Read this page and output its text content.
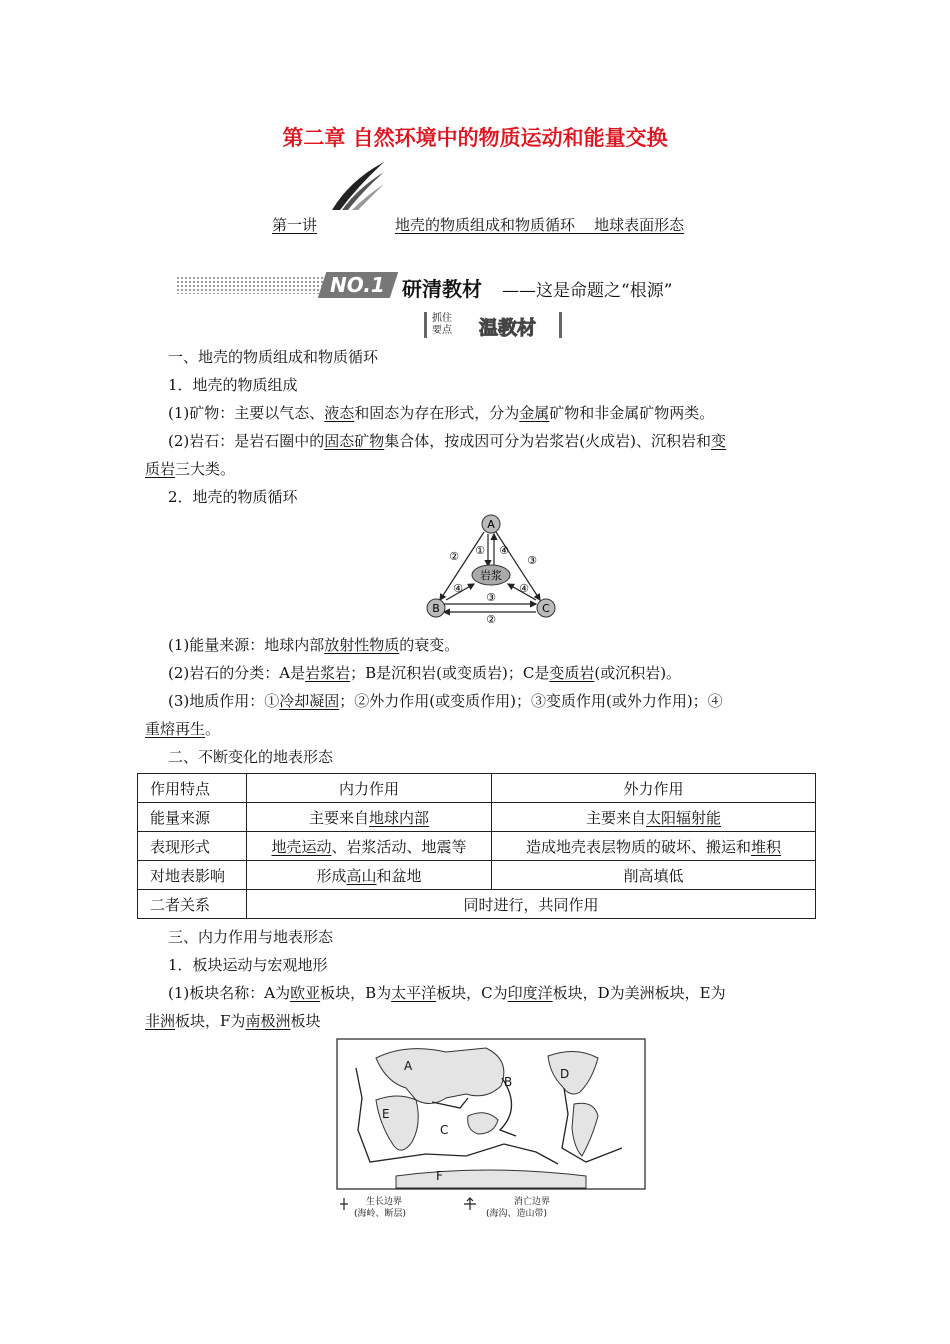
第二章 自然环境中的物质运动和能量交换
第一讲	地壳的物质组成和物质循环    地球表面形态
NO.1 研清教材 ——这是命题之“根源”
抓住
要点 温教材
一、地壳的物质组成和物质循环
1．地壳的物质组成
(1)矿物：主要以气态、液态和固态为存在形式，分为金属矿物和非金属矿物两类。
(2)岩石：是岩石圈中的固态矿物集合体，按成因可分为岩浆岩(火成岩)、沉积岩和变
质岩三大类。
2．地壳的物质循环
A
B	C
岩浆
② ① ④
③
④	④
③
②
(1)能量来源：地球内部放射性物质的衰变。
(2)岩石的分类：A是岩浆岩；B是沉积岩(或变质岩)；C是变质岩(或沉积岩)。
(3)地质作用：①冷却凝固；②外力作用(或变质作用)；③变质作用(或外力作用)；④
重熔再生。
二、不断变化的地表形态
作用特点	内力作用	外力作用
能量来源	主要来自地球内部	主要来自太阳辐射能
表现形式	地壳运动、岩浆活动、地震等	造成地壳表层物质的破坏、搬运和堆积
对地表影响	形成高山和盆地	削高填低
二者关系	同时进行，共同作用	
三、内力作用与地表形态
1．板块运动与宏观地形
(1)板块名称：A为欧亚板块，B为太平洋板块，C为印度洋板块，D为美洲板块，E为
非洲板块，F为南极洲板块
A
B
C
D
E
F
生长边界
(海岭、断层)
消亡边界
(海沟、造山带)
